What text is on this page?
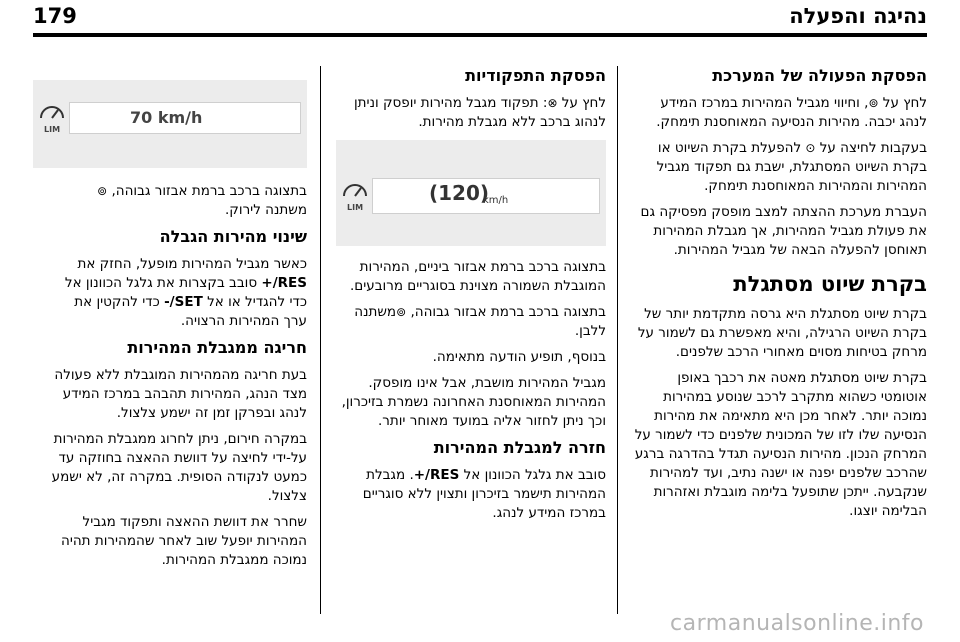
179	נהיגה והפעלה
הפסקת הפעולה של המערכת

לחץ על ⊚, וחיווי מגביל המהירות במרכז המידע לנהג יכבה. מהירות הנסיעה המאוחסנת תימחק.

בעקבות לחיצה על ⊙ להפעלת בקרת השיוט או בקרת השיוט המסתגלת, ישבת גם תפקוד מגביל המהירות והמהירות המאוחסנת תימחק.

העברת מערכת ההצתה למצב מופסק מפסיקה גם את פעולת מגביל המהירות, אך מגבלת המהירות תאוחסן להפעלה הבאה של מגביל המהירות.

בקרת שיוט מסתגלת

בקרת שיוט מסתגלת היא גרסה מתקדמת יותר של בקרת השיוט הרגילה, והיא מאפשרת גם לשמור על מרחק בטיחות מסוים מאחורי הרכב שלפנים.

בקרת שיוט מסתגלת מאטה את רכבך באופן אוטומטי כשהוא מתקרב לרכב שנוסע במהירות נמוכה יותר. לאחר מכן היא מתאימה את מהירות הנסיעה שלו לזו של המכונית שלפנים כדי לשמור על המרחק הנכון. מהירות הנסיעה תגדל בהדרגה ברגע שהרכב שלפנים יפנה או ישנה נתיב, ועד למהירות שנקבעה. ייתכן שתופעל בלימה מוגבלת ואזהרות הבלימה יוצגו.

הפסקת התפקודיות

לחץ על ⊗: תפקוד מגבל מהירות יופסק וניתן לנהוג ברכב ללא מגבלת מהירות.

LIM
(120)
km/h

בתצוגה ברכב ברמת אבזור ביניים, המהירות המוגבלת השמורה מצוינת בסוגריים מרובעים.

בתצוגה ברכב ברמת אבזור גבוהה, ⊚משתנה ללבן.

בנוסף, תופיע הודעה מתאימה.

מגביל המהירות מושבת, אבל אינו מופסק. המהירות המאוחסנת האחרונה נשמרת בזיכרון, וכך ניתן לחזור אליה במועד מאוחר יותר.

חזרה למגבלת המהירות

סובב את גלגל הכוונון אל RES/+. מגבלת המהירות תישמר בזיכרון ותצוין ללא סוגריים במרכז המידע לנהג.

LIM
70 km/h

בתצוגה ברכב ברמת אבזור גבוהה, ⊚
משתנה לירוק.

שינוי מהירות הגבלה

כאשר מגביל המהירות מופעל, החזק את
RES/+ סובב בקצרות את גלגל הכוונון אל
כדי להגדיל או אל SET/- כדי להקטין את
ערך המהירות הרצויה.

חריגה ממגבלת המהירות

בעת חריגה מהמהירות המוגבלת ללא פעולה מצד הנהג, המהירות תהבהב במרכז המידע לנהג ובפרקן זמן זה ישמע צלצול.

במקרה חירום, ניתן לחרוג ממגבלת המהירות על-ידי לחיצה על דוושת ההאצה בחוזקה עד כמעט לנקודה הסופית. במקרה זה, לא ישמע צלצול.

שחרר את דוושת ההאצה ותפקוד מגביל המהירות יופעל שוב לאחר שהמהירות תהיה נמוכה ממגבלת המהירות.

carmanualsonline.info
